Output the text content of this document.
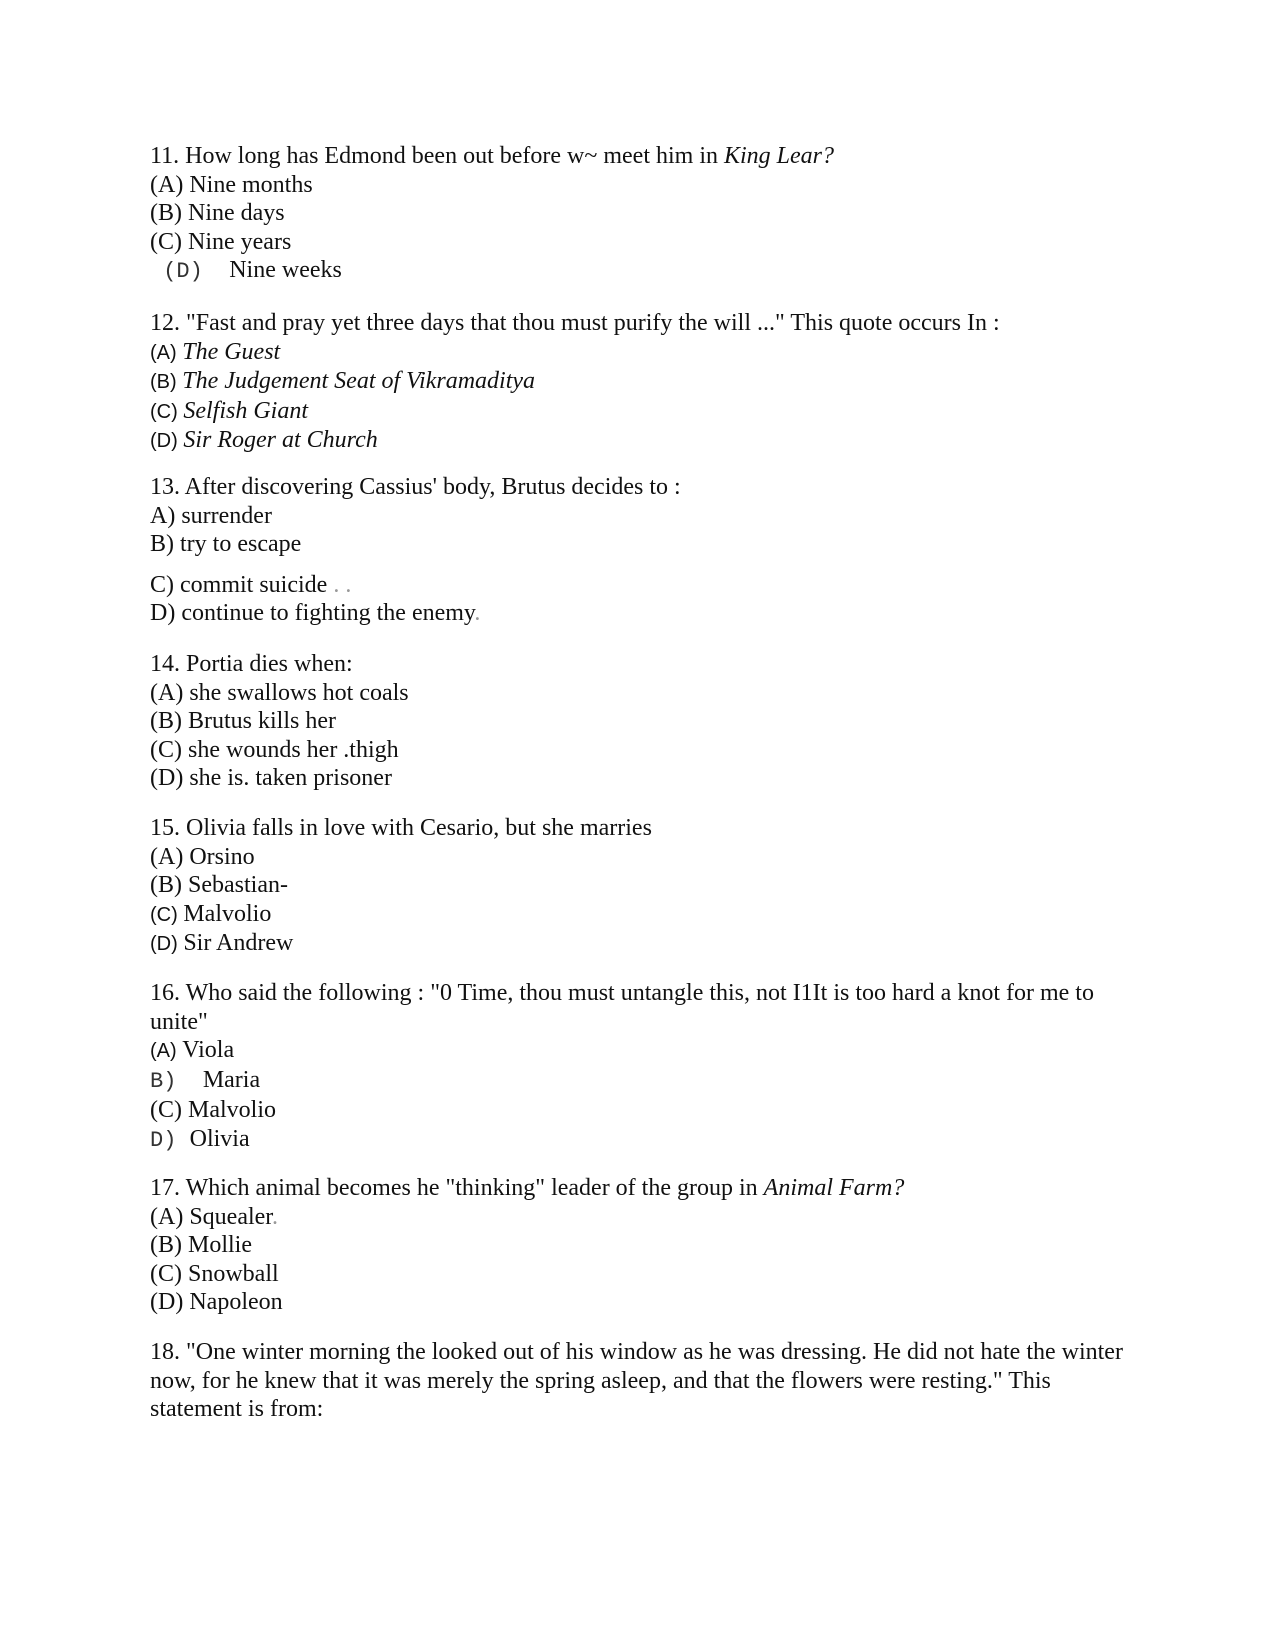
11. How long has Edmond been out before w~ meet him in King Lear?
(A) Nine months
(B) Nine days
(C) Nine years
(D)  Nine weeks
12. "Fast and pray yet three days that thou must purify the will ..." This quote occurs In :
(A) The Guest
(B) The Judgement Seat of Vikramaditya
(C) Selfish Giant
(D) Sir Roger at Church
13. After discovering Cassius' body, Brutus decides to :
A) surrender
B) try to escape
C) commit suicide . .
D) continue to fighting the enemy.
14. Portia dies when:
(A) she swallows hot coals
(B) Brutus kills her
(C) she wounds her .thigh
(D) she is. taken prisoner
15. Olivia falls in love with Cesario, but she marries
(A) Orsino
(B) Sebastian-
(C) Malvolio
(D) Sir Andrew
16. Who said the following : "0 Time, thou must untangle this, not I1It is too hard a knot for me to unite"
(A) Viola
B)  Maria
(C) Malvolio
D) Olivia
17. Which animal becomes he "thinking" leader of the group in Animal Farm?
(A) Squealer.
(B) Mollie
(C) Snowball
(D) Napoleon
18. "One winter morning the looked out of his window as he was dressing. He did not hate the winter now, for he knew that it was merely the spring asleep, and that the flowers were resting." This statement is from:
